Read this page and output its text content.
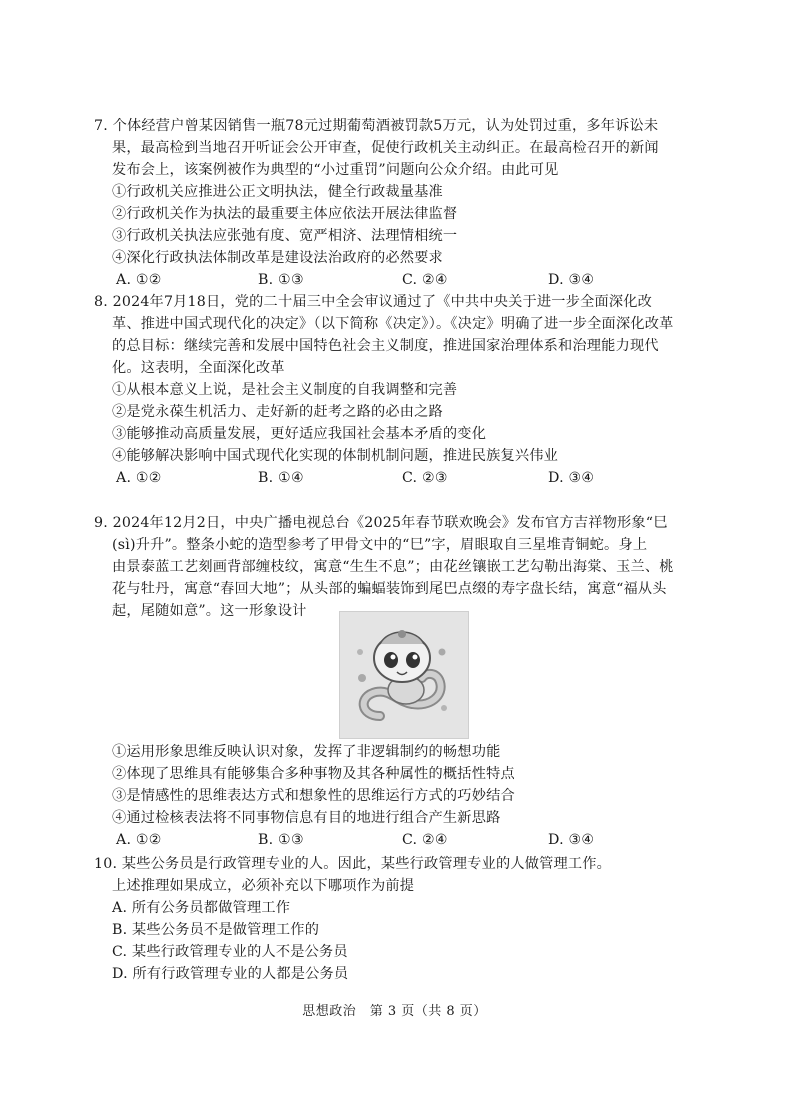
7. 个体经营户曾某因销售一瓶78元过期葡萄酒被罚款5万元，认为处罚过重，多年诉讼未
果，最高检到当地召开听证会公开审查，促使行政机关主动纠正。在最高检召开的新闻
发布会上，该案例被作为典型的“小过重罚”问题向公众介绍。由此可见
①行政机关应推进公正文明执法，健全行政裁量基准
②行政机关作为执法的最重要主体应依法开展法律监督
③行政机关执法应张弛有度、宽严相济、法理情相统一
④深化行政执法体制改革是建设法治政府的必然要求
A. ①②	B. ①③	C. ②④	D. ③④
8. 2024年7月18日，党的二十届三中全会审议通过了《中共中央关于进一步全面深化改
革、推进中国式现代化的决定》（以下简称《决定》）。《决定》明确了进一步全面深化改革
的总目标：继续完善和发展中国特色社会主义制度，推进国家治理体系和治理能力现代
化。这表明，全面深化改革
①从根本意义上说，是社会主义制度的自我调整和完善
②是党永葆生机活力、走好新的赶考之路的必由之路
③能够推动高质量发展，更好适应我国社会基本矛盾的变化
④能够解决影响中国式现代化实现的体制机制问题，推进民族复兴伟业
A. ①②	B. ①④	C. ②③	D. ③④
9. 2024年12月2日，中央广播电视总台《2025年春节联欢晚会》发布官方吉祥物形象“巳
(sì)升升”。整条小蛇的造型参考了甲骨文中的“巳”字，眉眼取自三星堆青铜蛇。身上
由景泰蓝工艺刻画背部缠枝纹，寓意“生生不息”；由花丝镶嵌工艺勾勒出海棠、玉兰、桃
花与牡丹，寓意“春回大地”；从头部的蝙蝠装饰到尾巴点缀的寿字盘长结，寓意“福从头
起，尾随如意”。这一形象设计
①运用形象思维反映认识对象，发挥了非逻辑制约的畅想功能
②体现了思维具有能够集合多种事物及其各种属性的概括性特点
③是情感性的思维表达方式和想象性的思维运行方式的巧妙结合
④通过检核表法将不同事物信息有目的地进行组合产生新思路
A. ①②	B. ①③	C. ②④	D. ③④
10. 某些公务员是行政管理专业的人。因此，某些行政管理专业的人做管理工作。
上述推理如果成立，必须补充以下哪项作为前提
A. 所有公务员都做管理工作
B. 某些公务员不是做管理工作的
C. 某些行政管理专业的人不是公务员
D. 所有行政管理专业的人都是公务员
思想政治　第 3 页（共 8 页）
